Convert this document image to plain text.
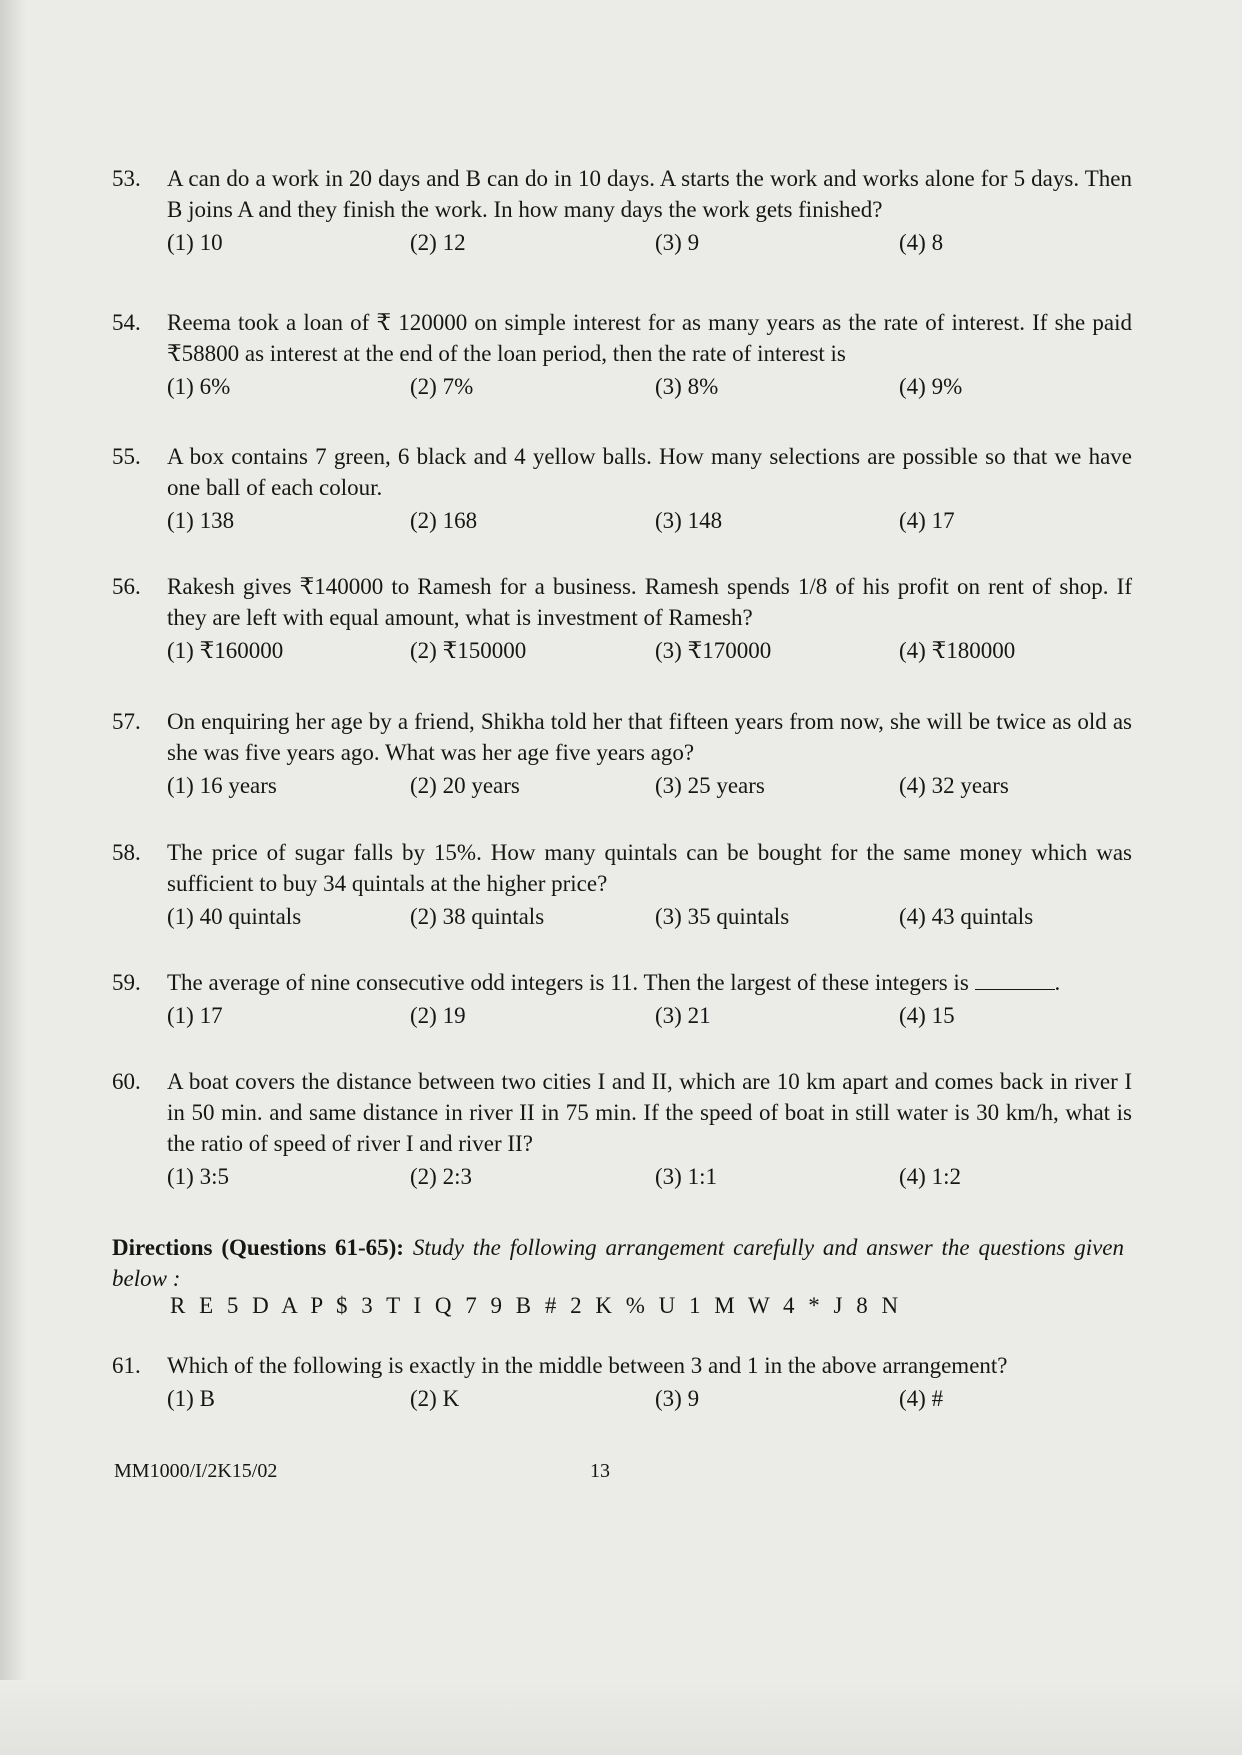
53.	A can do a work in 20 days and B can do in 10 days. A starts the work and works alone for 5 days. Then B joins A and they finish the work. In how many days the work gets finished?
(1) 10	(2) 12	(3) 9	(4) 8
54.	Reema took a loan of ₹ 120000 on simple interest for as many years as the rate of interest. If she paid ₹58800 as interest at the end of the loan period, then the rate of interest is
(1) 6%	(2) 7%	(3) 8%	(4) 9%
55.	A box contains 7 green, 6 black and 4 yellow balls. How many selections are possible so that we have one ball of each colour.
(1) 138	(2) 168	(3) 148	(4) 17
56.	Rakesh gives ₹140000 to Ramesh for a business. Ramesh spends 1/8 of his profit on rent of shop. If they are left with equal amount, what is investment of Ramesh?
(1) ₹160000	(2) ₹150000	(3) ₹170000	(4) ₹180000
57.	On enquiring her age by a friend, Shikha told her that fifteen years from now, she will be twice as old as she was five years ago. What was her age five years ago?
(1) 16 years	(2) 20 years	(3) 25 years	(4) 32 years
58.	The price of sugar falls by 15%. How many quintals can be bought for the same money which was sufficient to buy 34 quintals at the higher price?
(1) 40 quintals	(2) 38 quintals	(3) 35 quintals	(4) 43 quintals
59.	The average of nine consecutive odd integers is 11. Then the largest of these integers is	.
(1) 17	(2) 19	(3) 21	(4) 15
60.	A boat covers the distance between two cities I and II, which are 10 km apart and comes back in river I in 50 min. and same distance in river II in 75 min. If the speed of boat in still water is 30 km/h, what is the ratio of speed of river I and river II?
(1) 3:5	(2) 2:3	(3) 1:1	(4) 1:2
Directions (Questions 61-65): Study the following arrangement carefully and answer the questions given below :
R E 5 D A P $ 3 T I Q 7 9 B # 2 K % U 1 M W 4 * J 8 N
61.	Which of the following is exactly in the middle between 3 and 1 in the above arrangement?
(1) B	(2) K	(3) 9	(4) #
MM1000/I/2K15/02	13
